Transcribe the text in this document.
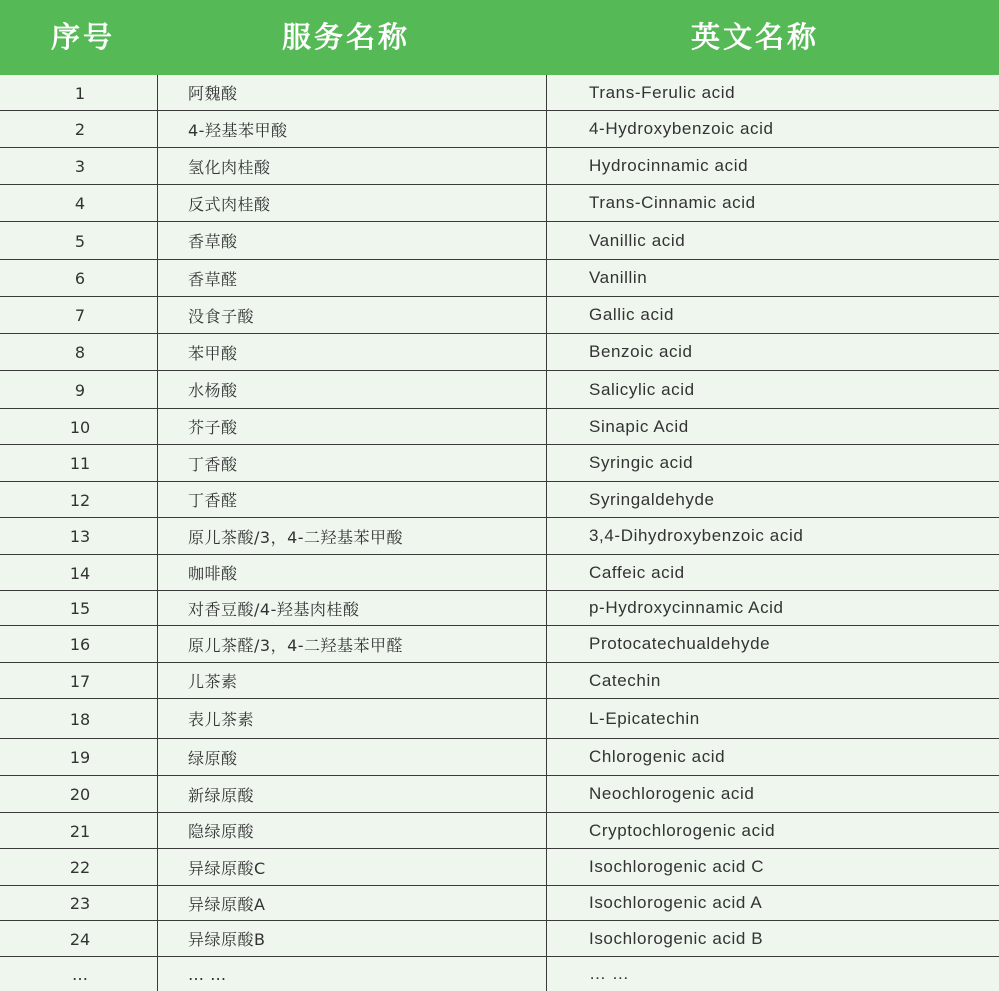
序号	服务名称	英文名称
1	阿魏酸	Trans-Ferulic acid
2	4-羟基苯甲酸	4-Hydroxybenzoic acid
3	氢化肉桂酸	Hydrocinnamic acid
4	反式肉桂酸	Trans-Cinnamic acid
5	香草酸	Vanillic acid
6	香草醛	Vanillin
7	没食子酸	Gallic acid
8	苯甲酸	Benzoic acid
9	水杨酸	Salicylic acid
10	芥子酸	Sinapic Acid
11	丁香酸	Syringic acid
12	丁香醛	Syringaldehyde
13	原儿茶酸/3，4-二羟基苯甲酸	3,4-Dihydroxybenzoic acid
14	咖啡酸	Caffeic acid
15	对香豆酸/4-羟基肉桂酸	p-Hydroxycinnamic Acid
16	原儿茶醛/3，4-二羟基苯甲醛	Protocatechualdehyde
17	儿茶素	Catechin
18	表儿茶素	L-Epicatechin
19	绿原酸	Chlorogenic acid
20	新绿原酸	Neochlorogenic acid
21	隐绿原酸	Cryptochlorogenic acid
22	异绿原酸C	Isochlorogenic acid C
23	异绿原酸A	Isochlorogenic acid A
24	异绿原酸B	Isochlorogenic acid B
…	… …	… …
